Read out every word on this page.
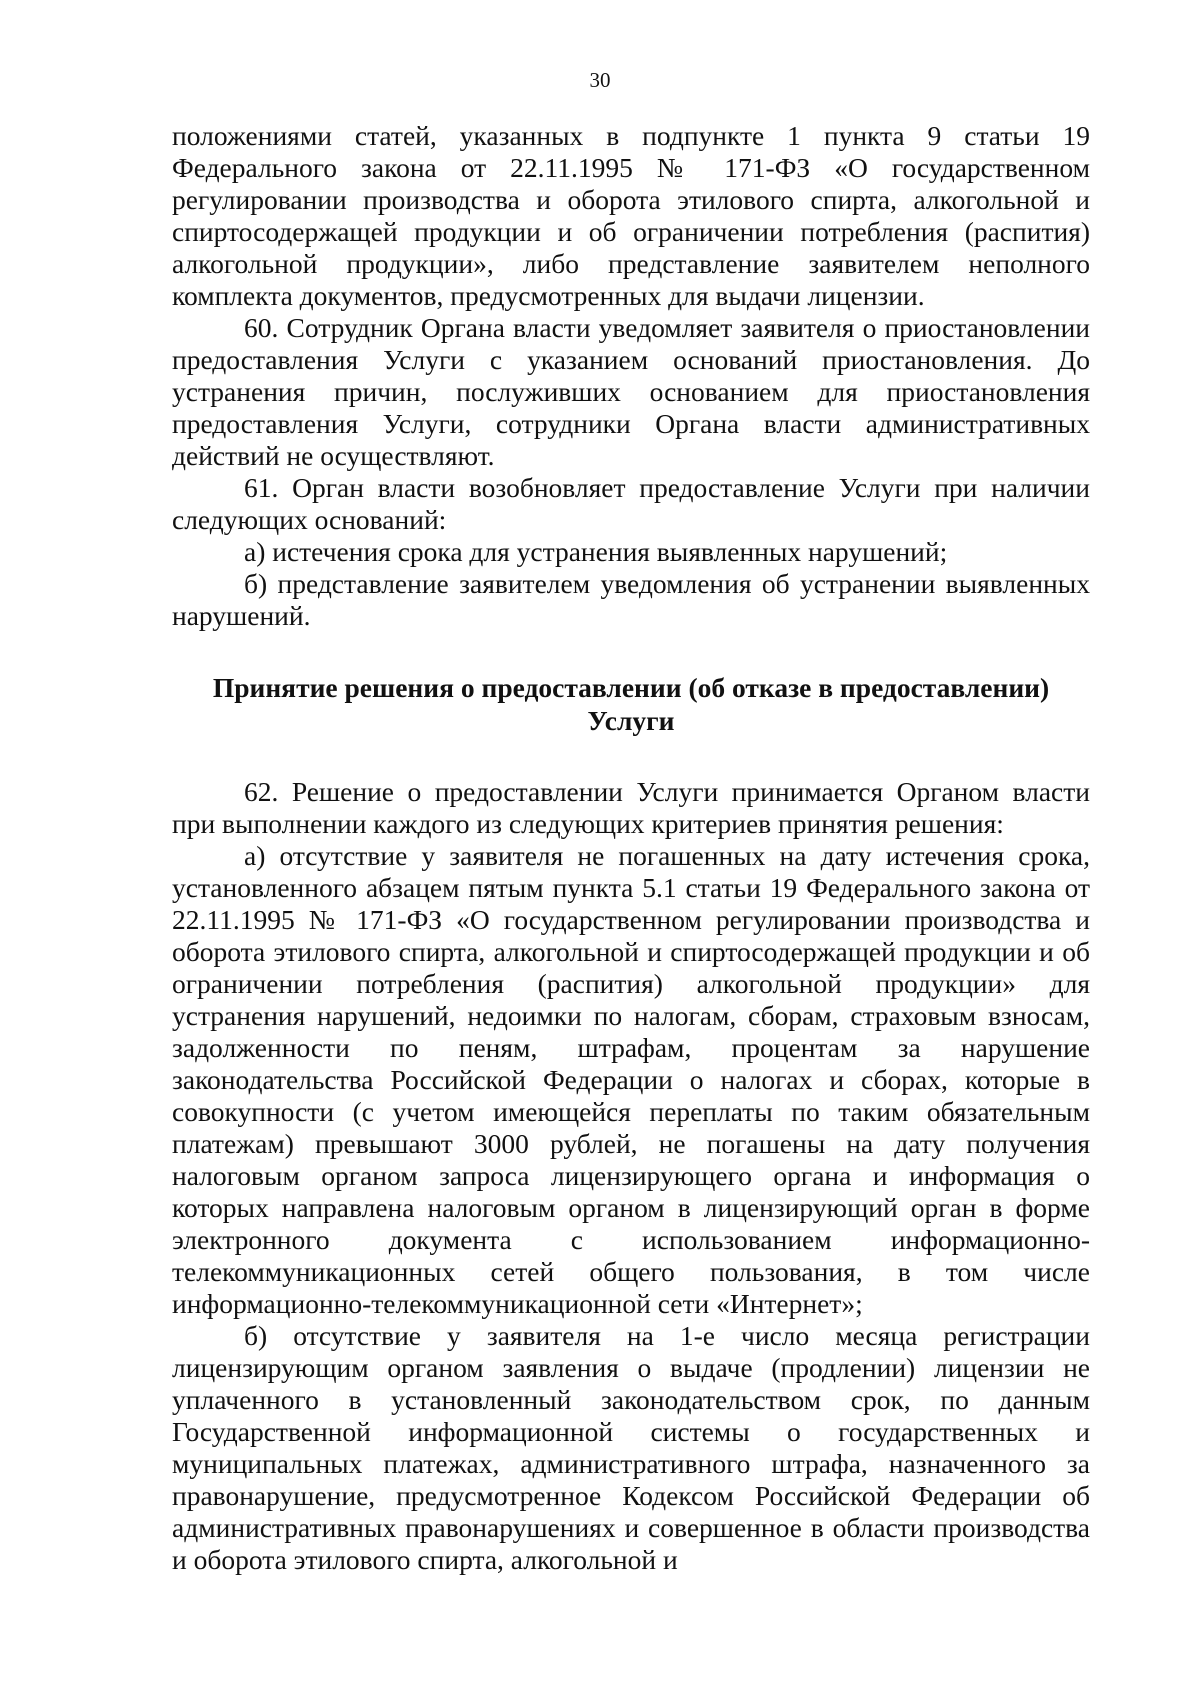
30

положениями статей, указанных в подпункте 1 пункта 9 статьи 19 Федерального закона от 22.11.1995 № 171-ФЗ «О государственном регулировании производства и оборота этилового спирта, алкогольной и спиртосодержащей продукции и об ограничении потребления (распития) алкогольной продукции», либо представление заявителем неполного комплекта документов, предусмотренных для выдачи лицензии.

60. Сотрудник Органа власти уведомляет заявителя о приостановлении предоставления Услуги с указанием оснований приостановления. До устранения причин, послуживших основанием для приостановления предоставления Услуги, сотрудники Органа власти административных действий не осуществляют.

61. Орган власти возобновляет предоставление Услуги при наличии следующих оснований:

а) истечения срока для устранения выявленных нарушений;

б) представление заявителем уведомления об устранении выявленных нарушений.

Принятие решения о предоставлении (об отказе в предоставлении)
Услуги

62. Решение о предоставлении Услуги принимается Органом власти при выполнении каждого из следующих критериев принятия решения:

а) отсутствие у заявителя не погашенных на дату истечения срока, установленного абзацем пятым пункта 5.1 статьи 19 Федерального закона от 22.11.1995 № 171-ФЗ «О государственном регулировании производства и оборота этилового спирта, алкогольной и спиртосодержащей продукции и об ограничении потребления (распития) алкогольной продукции» для устранения нарушений, недоимки по налогам, сборам, страховым взносам, задолженности по пеням, штрафам, процентам за нарушение законодательства Российской Федерации о налогах и сборах, которые в совокупности (с учетом имеющейся переплаты по таким обязательным платежам) превышают 3000 рублей, не погашены на дату получения налоговым органом запроса лицензирующего органа и информация о которых направлена налоговым органом в лицензирующий орган в форме электронного документа с использованием информационно-телекоммуникационных сетей общего пользования, в том числе информационно-телекоммуникационной сети «Интернет»;

б) отсутствие у заявителя на 1-е число месяца регистрации лицензирующим органом заявления о выдаче (продлении) лицензии не уплаченного в установленный законодательством срок, по данным Государственной информационной системы о государственных и муниципальных платежах, административного штрафа, назначенного за правонарушение, предусмотренное Кодексом Российской Федерации об административных правонарушениях и совершенное в области производства и оборота этилового спирта, алкогольной и
